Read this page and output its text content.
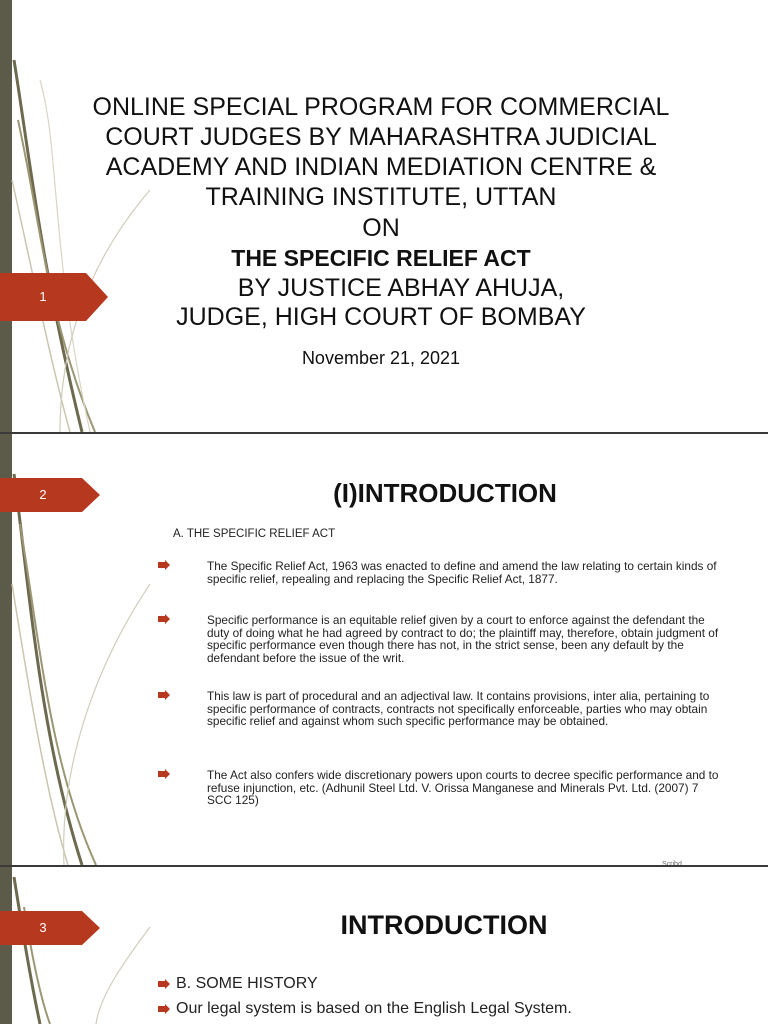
1
ONLINE SPECIAL PROGRAM FOR COMMERCIAL
COURT JUDGES BY MAHARASHTRA JUDICIAL
ACADEMY AND INDIAN MEDIATION CENTRE &
TRAINING INSTITUTE, UTTAN
ON
THE SPECIFIC RELIEF ACT
BY JUSTICE ABHAY AHUJA,
JUDGE, HIGH COURT OF BOMBAY
November 21, 2021
2	(I)INTRODUCTION
A. THE SPECIFIC RELIEF ACT
The Specific Relief Act, 1963 was enacted to define and amend the law relating to certain kinds of specific relief, repealing and replacing the Specific Relief Act, 1877.
Specific performance is an equitable relief given by a court to enforce against the defendant the duty of doing what he had agreed by contract to do; the plaintiff may, therefore, obtain judgment of specific performance even though there has not, in the strict sense, been any default by the defendant before the issue of the writ.
This law is part of procedural and an adjectival law. It contains provisions, inter alia, pertaining to specific performance of contracts, contracts not specifically enforceable, parties who may obtain specific relief and against whom such specific performance may be obtained.
The Act also confers wide discretionary powers upon courts to decree specific performance and to refuse injunction, etc. (Adhunil Steel Ltd. V. Orissa Manganese and Minerals Pvt. Ltd. (2007) 7 SCC 125)
Scribd
3	INTRODUCTION
B. SOME HISTORY
Our legal system is based on the English Legal System.
